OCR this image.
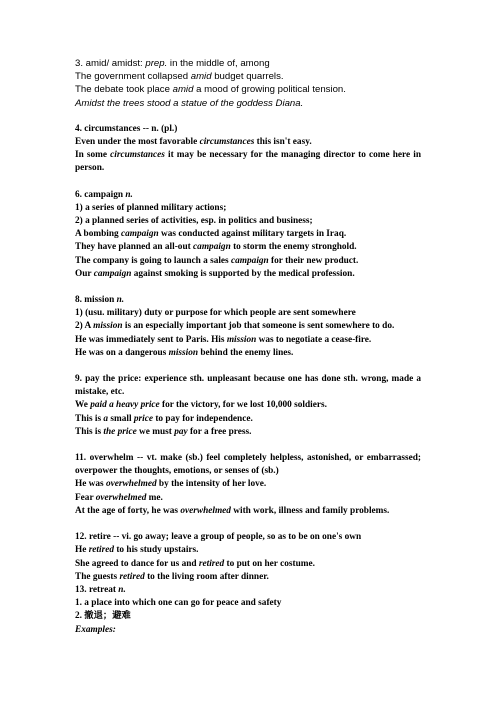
3. amid/ amidst: prep. in the middle of, among
The government collapsed amid budget quarrels.
The debate took place amid a mood of growing political tension.
Amidst the trees stood a statue of the goddess Diana.
4. circumstances -- n. (pl.)
Even under the most favorable circumstances this isn't easy.
In some circumstances it may be necessary for the managing director to come here in person.
6. campaign n.
1) a series of planned military actions;
2) a planned series of activities, esp. in politics and business;
A bombing campaign was conducted against military targets in Iraq.
They have planned an all-out campaign to storm the enemy stronghold.
The company is going to launch a sales campaign for their new product.
Our campaign against smoking is supported by the medical profession.
8. mission n.
1) (usu. military) duty or purpose for which people are sent somewhere
2) A mission is an especially important job that someone is sent somewhere to do.
He was immediately sent to Paris. His mission was to negotiate a cease-fire.
He was on a dangerous mission behind the enemy lines.
9. pay the price: experience sth. unpleasant because one has done sth. wrong, made a mistake, etc.
We paid a heavy price for the victory, for we lost 10,000 soldiers.
This is a small price to pay for independence.
This is the price we must pay for a free press.
11. overwhelm -- vt. make (sb.) feel completely helpless, astonished, or embarrassed; overpower the thoughts, emotions, or senses of (sb.)
He was overwhelmed by the intensity of her love.
Fear overwhelmed me.
At the age of forty, he was overwhelmed with work, illness and family problems.
12. retire -- vi. go away; leave a group of people, so as to be on one's own
He retired to his study upstairs.
She agreed to dance for us and retired to put on her costume.
The guests retired to the living room after dinner.
13. retreat n.
1. a place into which one can go for peace and safety
2. 撤退；避难
Examples:
